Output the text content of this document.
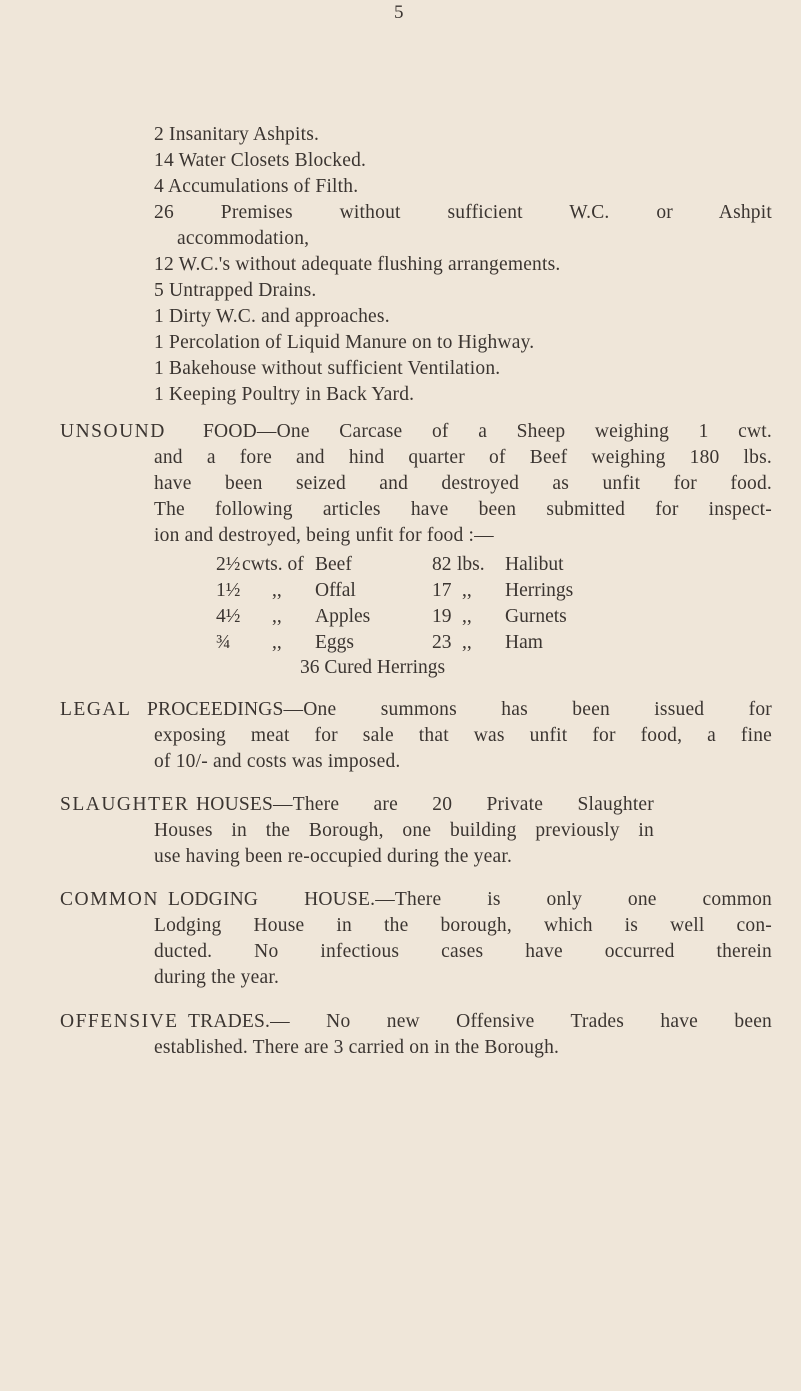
5
2 Insanitary Ashpits.
14 Water Closets Blocked.
4 Accumulations of Filth.
26 Premises without sufficient W.C. or Ashpit
accommodation,
12 W.C.'s without adequate flushing arrangements.
5 Untrapped Drains.
1 Dirty W.C. and approaches.
1 Percolation of Liquid Manure on to Highway.
1 Bakehouse without sufficient Ventilation.
1 Keeping Poultry in Back Yard.
UNSOUND FOOD—One Carcase of a Sheep weighing 1 cwt.
and a fore and hind quarter of Beef weighing 180 lbs.
have been seized and destroyed as unfit for food.
The following articles have been submitted for inspect-
ion and destroyed, being unfit for food :—
2½ cwts. of Beef	82 lbs. Halibut
1½ ,, Offal	17 ,, Herrings
4½ ,, Apples	19 ,, Gurnets
¾ ,, Eggs	23 ,, Ham
36 Cured Herrings
LEGAL PROCEEDINGS—One summons has been issued for
exposing meat for sale that was unfit for food, a fine
of 10/- and costs was imposed.
SLAUGHTER HOUSES—There are 20 Private Slaughter
Houses in the Borough, one building previously in
use having been re-occupied during the year.
COMMON LODGING HOUSE.—There is only one common
Lodging House in the borough, which is well con-
ducted. No infectious cases have occurred therein
during the year.
OFFENSIVE TRADES.— No new Offensive Trades have been
established. There are 3 carried on in the Borough.
